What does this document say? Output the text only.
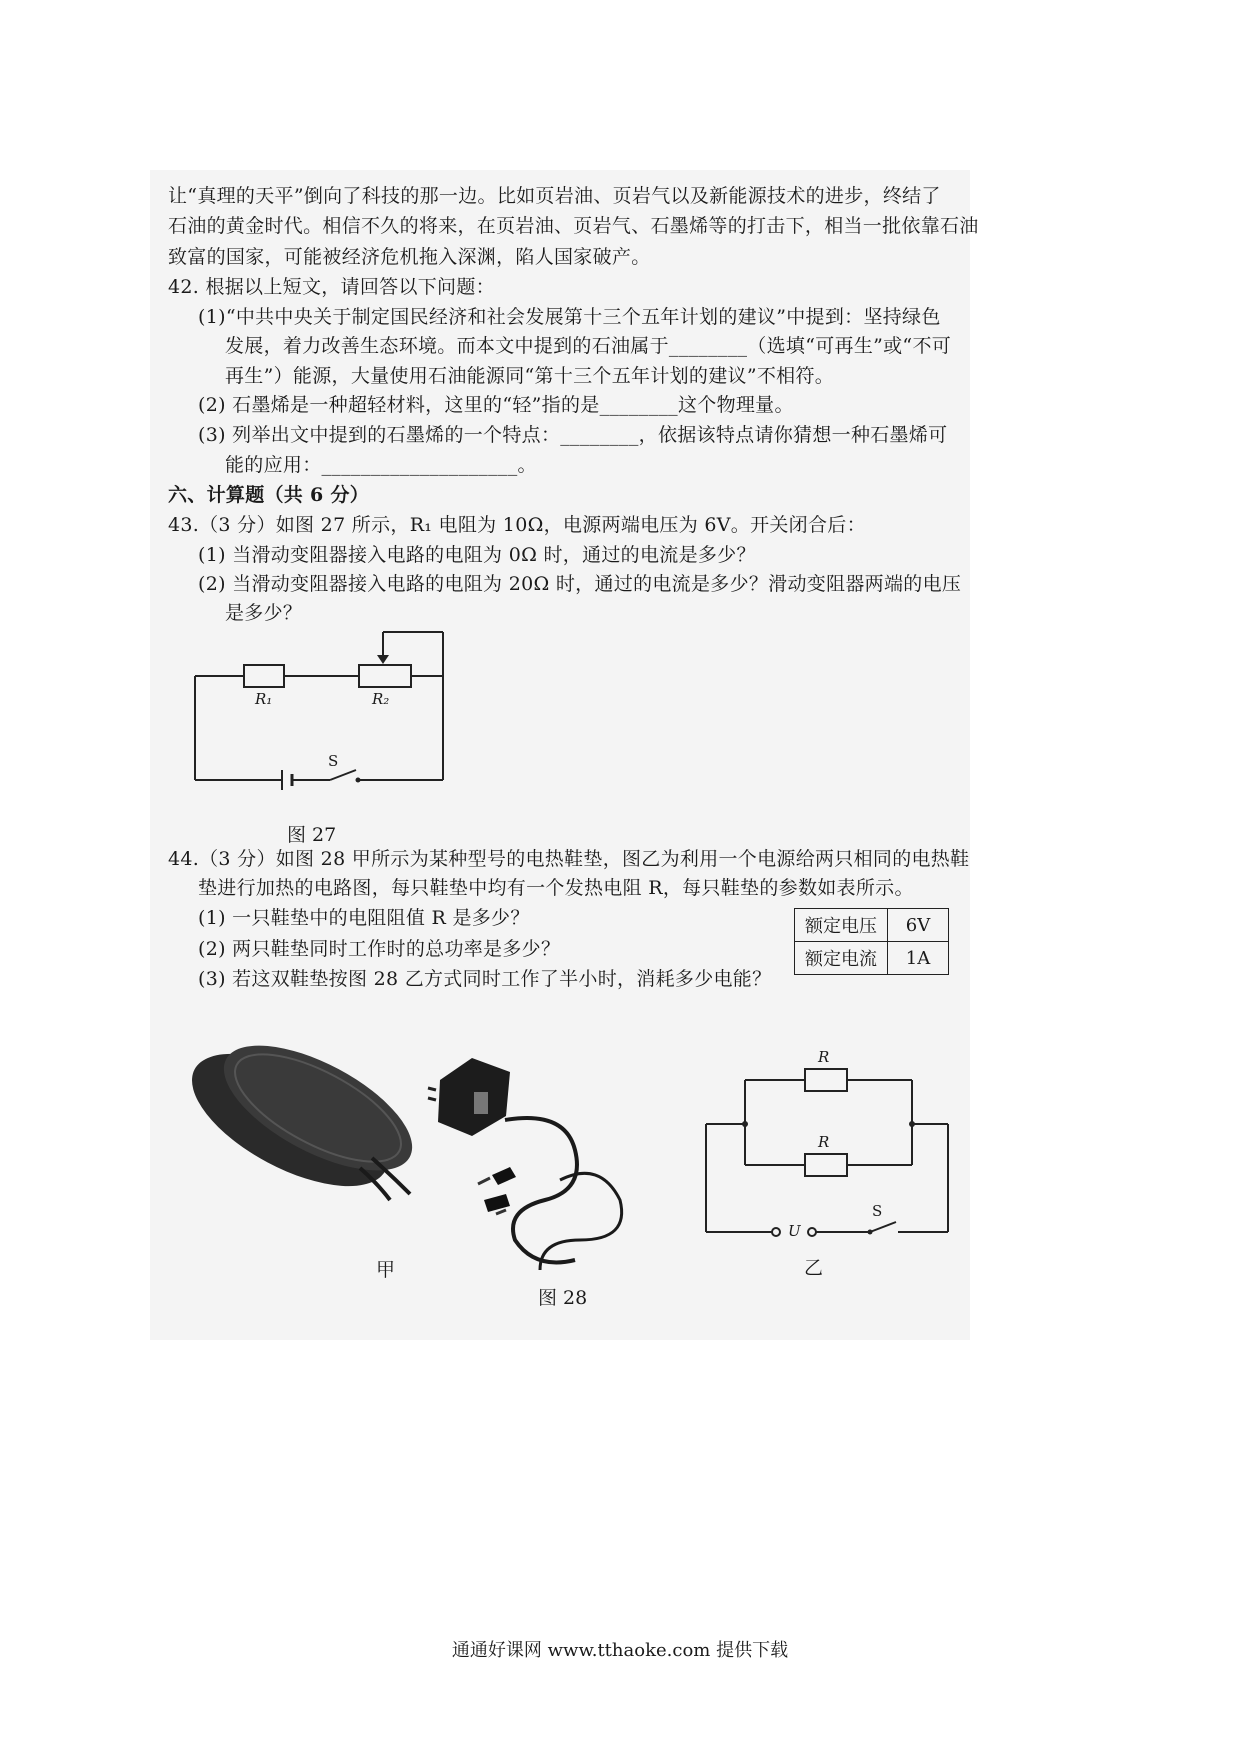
让“真理的天平”倒向了科技的那一边。比如页岩油、页岩气以及新能源技术的进步，终结了
石油的黄金时代。相信不久的将来，在页岩油、页岩气、石墨烯等的打击下，相当一批依靠石油
致富的国家，可能被经济危机拖入深渊，陷人国家破产。
42. 根据以上短文，请回答以下问题：
(1)“中共中央关于制定国民经济和社会发展第十三个五年计划的建议”中提到：坚持绿色
发展，着力改善生态环境。而本文中提到的石油属于________（选填“可再生”或“不可
再生”）能源，大量使用石油能源同“第十三个五年计划的建议”不相符。
(2) 石墨烯是一种超轻材料，这里的“轻”指的是________这个物理量。
(3) 列举出文中提到的石墨烯的一个特点：________，依据该特点请你猜想一种石墨烯可
能的应用：____________________。
六、计算题（共 6 分）
43.（3 分）如图 27 所示，R₁ 电阻为 10Ω，电源两端电压为 6V。开关闭合后：
(1) 当滑动变阻器接入电路的电阻为 0Ω 时，通过的电流是多少？
(2) 当滑动变阻器接入电路的电阻为 20Ω 时，通过的电流是多少？滑动变阻器两端的电压
是多少？
R₁	R₂
S
图 27
44.（3 分）如图 28 甲所示为某种型号的电热鞋垫，图乙为利用一个电源给两只相同的电热鞋
垫进行加热的电路图，每只鞋垫中均有一个发热电阻 R，每只鞋垫的参数如表所示。
(1) 一只鞋垫中的电阻阻值 R 是多少？
(2) 两只鞋垫同时工作时的总功率是多少？
(3) 若这双鞋垫按图 28 乙方式同时工作了半小时，消耗多少电能？
额定电压	6V
额定电流	1A
甲
R
R
U
S
乙
图 28
通通好课网 www.tthaoke.com 提供下载
